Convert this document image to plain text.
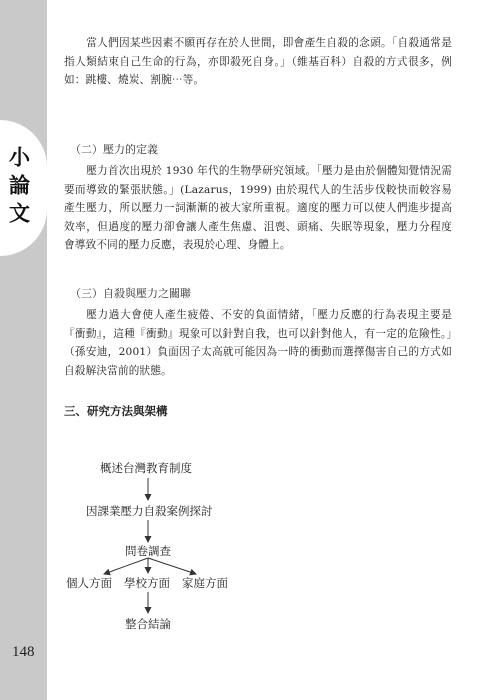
小論文
148

當人們因某些因素不願再存在於人世間，即會產生自殺的念頭。「自殺通常是指人類結束自己生命的行為，亦即殺死自身。」（維基百科）自殺的方式很多，例如：跳樓、燒炭、割腕⋯等。

（二）壓力的定義

壓力首次出現於 1930 年代的生物學研究領域。「壓力是由於個體知覺情況需要而導致的緊張狀態。」(Lazarus，1999) 由於現代人的生活步伐較快而較容易產生壓力，所以壓力一詞漸漸的被大家所重視。適度的壓力可以使人們進步提高效率，但過度的壓力卻會讓人產生焦慮、沮喪、頭痛、失眠等現象，壓力分程度會導致不同的壓力反應，表現於心理、身體上。

（三）自殺與壓力之關聯

壓力過大會使人產生疲倦、不安的負面情緒，「壓力反應的行為表現主要是『衝動』，這種『衝動』現象可以針對自我，也可以針對他人，有一定的危險性。」（孫安迪，2001）負面因子太高就可能因為一時的衝動而選擇傷害自己的方式如自殺解決當前的狀態。

三、研究方法與架構

概述台灣教育制度
因課業壓力自殺案例探討
問卷調查
個人方面 學校方面 家庭方面
整合結論
